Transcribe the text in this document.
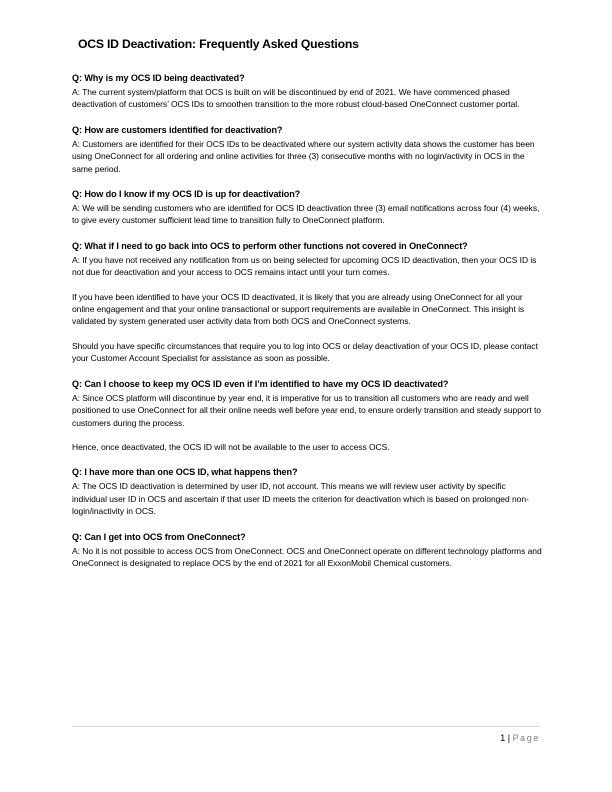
OCS ID Deactivation: Frequently Asked Questions

Q: Why is my OCS ID being deactivated?

A: The current system/platform that OCS is built on will be discontinued by end of 2021. We have commenced phased deactivation of customers’ OCS IDs to smoothen transition to the more robust cloud-based OneConnect customer portal.

Q: How are customers identified for deactivation?

A: Customers are identified for their OCS IDs to be deactivated where our system activity data shows the customer has been using OneConnect for all ordering and online activities for three (3) consecutive months with no login/activity in OCS in the same period.

Q: How do I know if my OCS ID is up for deactivation?

A: We will be sending customers who are identified for OCS ID deactivation three (3) email notifications across four (4) weeks, to give every customer sufficient lead time to transition fully to OneConnect platform.

Q: What if I need to go back into OCS to perform other functions not covered in OneConnect?

A: If you have not received any notification from us on being selected for upcoming OCS ID deactivation, then your OCS ID is not due for deactivation and your access to OCS remains intact until your turn comes.

If you have been identified to have your OCS ID deactivated, it is likely that you are already using OneConnect for all your online engagement and that your online transactional or support requirements are available in OneConnect. This insight is validated by system generated user activity data from both OCS and OneConnect systems.

Should you have specific circumstances that require you to log into OCS or delay deactivation of your OCS ID, please contact your Customer Account Specialist for assistance as soon as possible.

Q: Can I choose to keep my OCS ID even if I’m identified to have my OCS ID deactivated?

A: Since OCS platform will discontinue by year end, it is imperative for us to transition all customers who are ready and well positioned to use OneConnect for all their online needs well before year end, to ensure orderly transition and steady support to customers during the process.

Hence, once deactivated, the OCS ID will not be available to the user to access OCS.

Q: I have more than one OCS ID, what happens then?

A: The OCS ID deactivation is determined by user ID, not account. This means we will review user activity by specific individual user ID in OCS and ascertain if that user ID meets the criterion for deactivation which is based on prolonged non-login/inactivity in OCS.

Q: Can I get into OCS from OneConnect?

A: No it is not possible to access OCS from OneConnect. OCS and OneConnect operate on different technology platforms and OneConnect is designated to replace OCS by the end of 2021 for all ExxonMobil Chemical customers.

1 | Page
